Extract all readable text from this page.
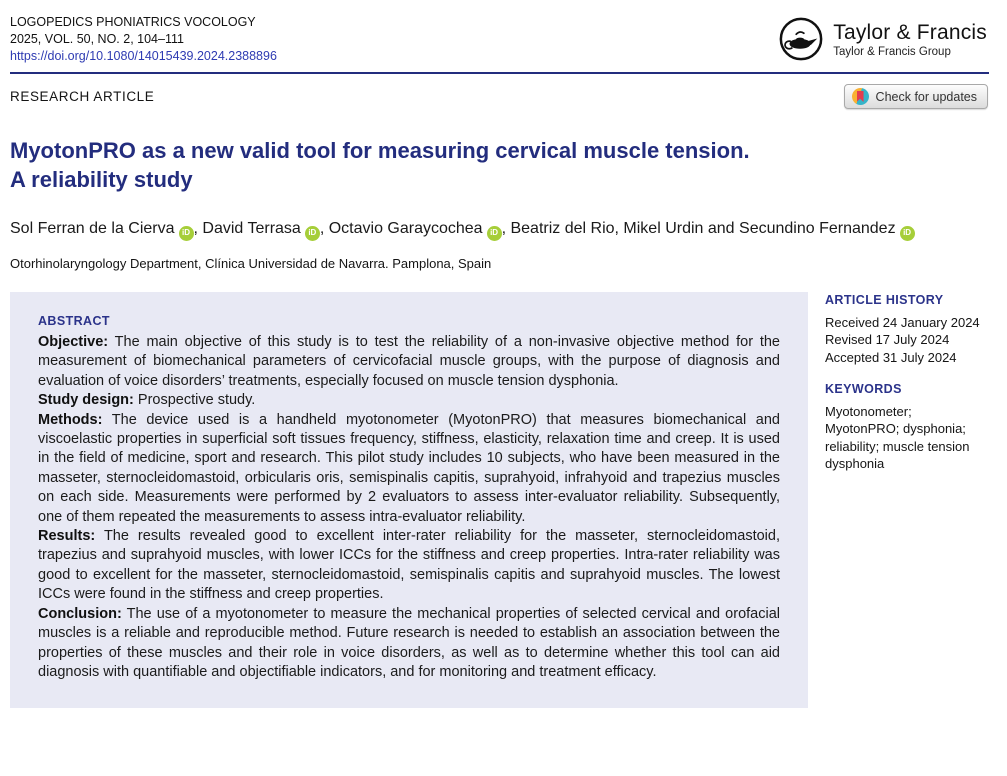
LOGOPEDICS PHONIATRICS VOCOLOGY
2025, VOL. 50, NO. 2, 104–111
https://doi.org/10.1080/14015439.2024.2388896
Taylor & Francis
Taylor & Francis Group
RESEARCH ARTICLE	Check for updates
MyotonPRO as a new valid tool for measuring cervical muscle tension.
A reliability study
Sol Ferran de la Cierva iD , David Terrasa iD , Octavio Garaycochea iD , Beatriz del Rio, Mikel Urdin and Secundino Fernandez iD
Otorhinolaryngology Department, Clínica Universidad de Navarra. Pamplona, Spain
ABSTRACT

Objective: The main objective of this study is to test the reliability of a non-invasive objective method for the measurement of biomechanical parameters of cervicofacial muscle groups, with the purpose of diagnosis and evaluation of voice disorders’ treatments, especially focused on muscle tension dysphonia.

Study design: Prospective study.

Methods: The device used is a handheld myotonometer (MyotonPRO) that measures biomechanical and viscoelastic properties in superficial soft tissues frequency, stiffness, elasticity, relaxation time and creep. It is used in the field of medicine, sport and research. This pilot study includes 10 subjects, who have been measured in the masseter, sternocleidomastoid, orbicularis oris, semispinalis capitis, suprahyoid, infrahyoid and trapezius muscles on each side. Measurements were performed by 2 evaluators to assess inter-evaluator reliability. Subsequently, one of them repeated the measurements to assess intra-evaluator reliability.

Results: The results revealed good to excellent inter-rater reliability for the masseter, sternocleidomastoid, trapezius and suprahyoid muscles, with lower ICCs for the stiffness and creep properties. Intra-rater reliability was good to excellent for the masseter, sternocleidomastoid, semispinalis capitis and suprahyoid muscles. The lowest ICCs were found in the stiffness and creep properties.

Conclusion: The use of a myotonometer to measure the mechanical properties of selected cervical and orofacial muscles is a reliable and reproducible method. Future research is needed to establish an association between the properties of these muscles and their role in voice disorders, as well as to determine whether this tool can aid diagnosis with quantifiable and objectifiable indicators, and for monitoring and treatment efficacy.

ARTICLE HISTORY
Received 24 January 2024
Revised 17 July 2024
Accepted 31 July 2024
KEYWORDS
Myotonometer; MyotonPRO; dysphonia; reliability; muscle tension dysphonia
